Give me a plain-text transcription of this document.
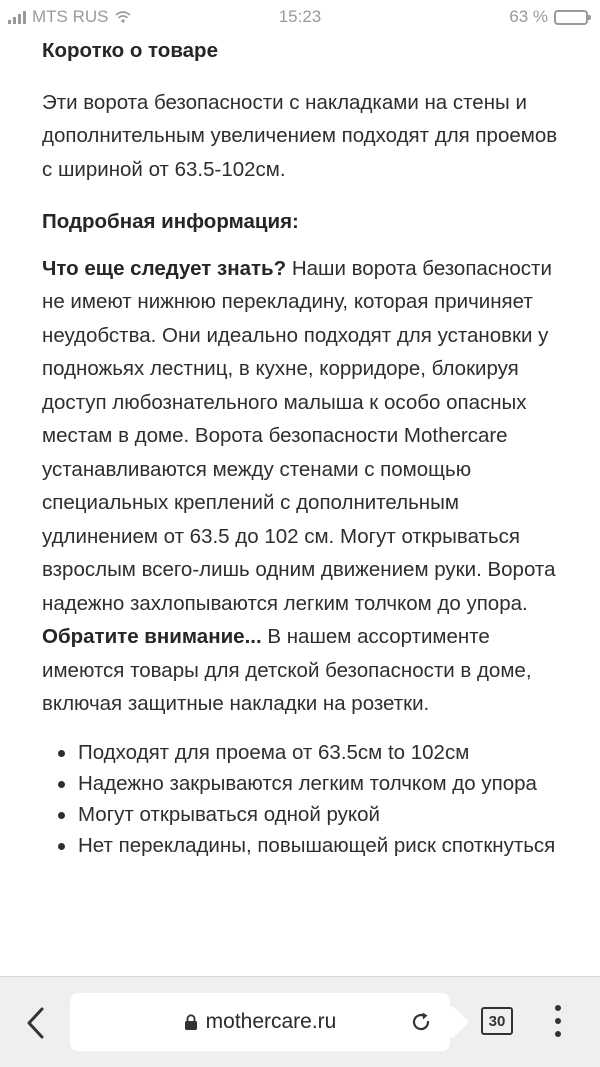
MTS RUS	15:23	63 %
Коротко о товаре

Эти ворота безопасности с накладками на стены и дополнительным увеличением подходят для проемов с шириной от 63.5-102см.

Подробная информация:

Что еще следует знать? Наши ворота безопасности не имеют нижнюю перекладину, которая причиняет неудобства. Они идеально подходят для установки у подножьях лестниц, в кухне, корридоре, блокируя доступ любознательного малыша к особо опасных местам в доме. Ворота безопасности Mothercare устанавливаются между стенами с помощью специальных креплений с дополнительным удлинением от 63.5 до 102 см. Могут открываться взрослым всего-лишь одним движением руки. Ворота надежно захлопываются легким толчком до упора.
Обратите внимание... В нашем ассортименте имеются товары для детской безопасности в доме, включая защитные накладки на розетки.

Подходят для проема от 63.5см to 102см
Надежно закрываются легким толчком до упора
Могут открываться одной рукой
Нет перекладины, повышающей риск споткнуться
mothercare.ru	30
